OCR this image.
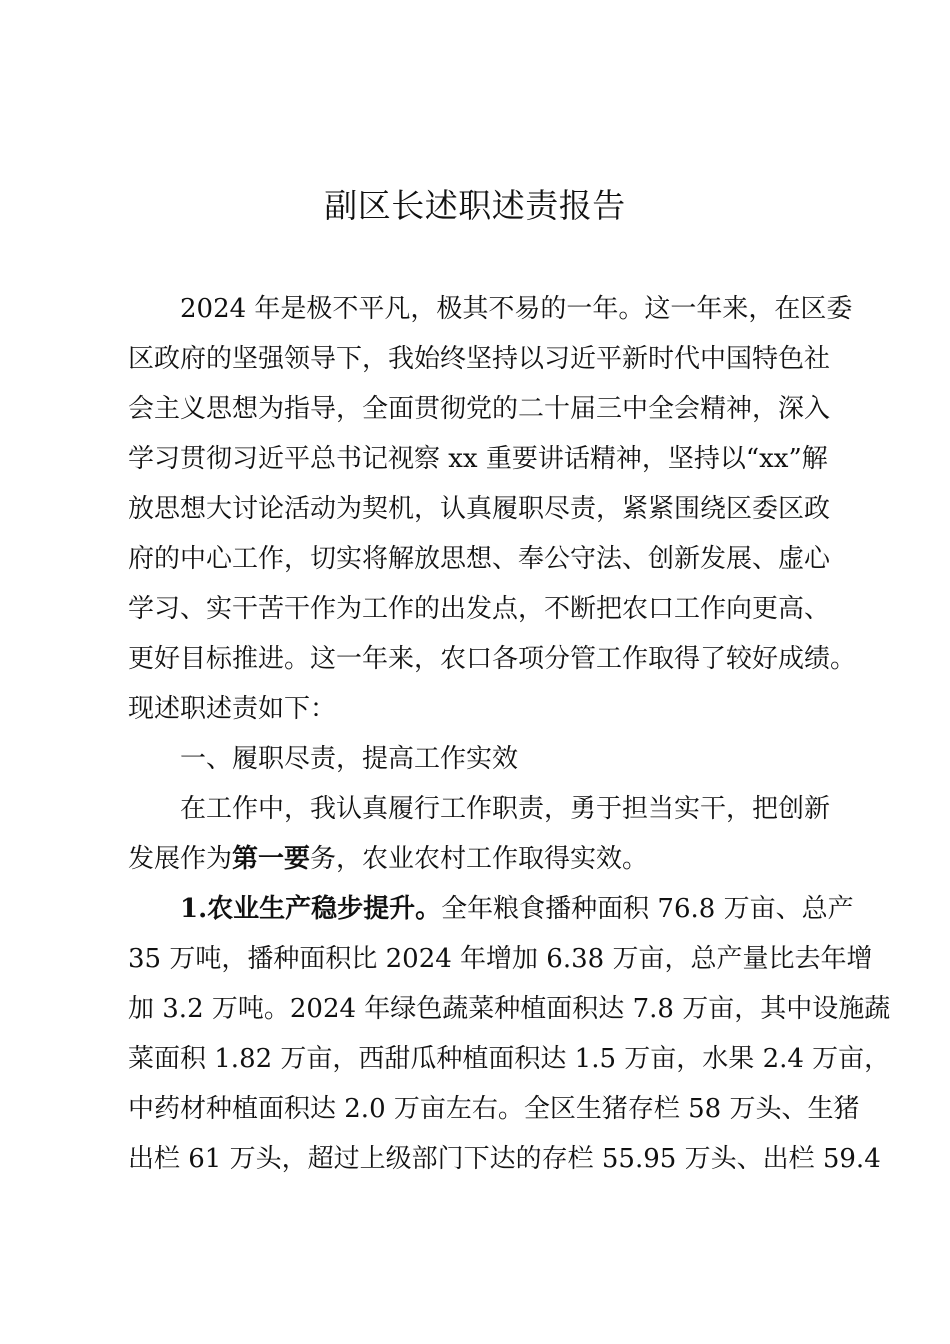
副区长述职述责报告
2024 年是极不平凡，极其不易的一年。这一年来，在区委
区政府的坚强领导下，我始终坚持以习近平新时代中国特色社
会主义思想为指导，全面贯彻党的二十届三中全会精神，深入
学习贯彻习近平总书记视察 xx 重要讲话精神，坚持以“xx”解
放思想大讨论活动为契机，认真履职尽责，紧紧围绕区委区政
府的中心工作，切实将解放思想、奉公守法、创新发展、虚心
学习、实干苦干作为工作的出发点，不断把农口工作向更高、
更好目标推进。这一年来，农口各项分管工作取得了较好成绩。
现述职述责如下：
一、履职尽责，提高工作实效
在工作中，我认真履行工作职责，勇于担当实干，把创新
发展作为第一要务，农业农村工作取得实效。
1.农业生产稳步提升。全年粮食播种面积 76.8 万亩、总产
35 万吨，播种面积比 2024 年增加 6.38 万亩，总产量比去年增
加 3.2 万吨。2024 年绿色蔬菜种植面积达 7.8 万亩，其中设施蔬
菜面积 1.82 万亩，西甜瓜种植面积达 1.5 万亩，水果 2.4 万亩，
中药材种植面积达 2.0 万亩左右。全区生猪存栏 58 万头、生猪
出栏 61 万头，超过上级部门下达的存栏 55.95 万头、出栏 59.4
